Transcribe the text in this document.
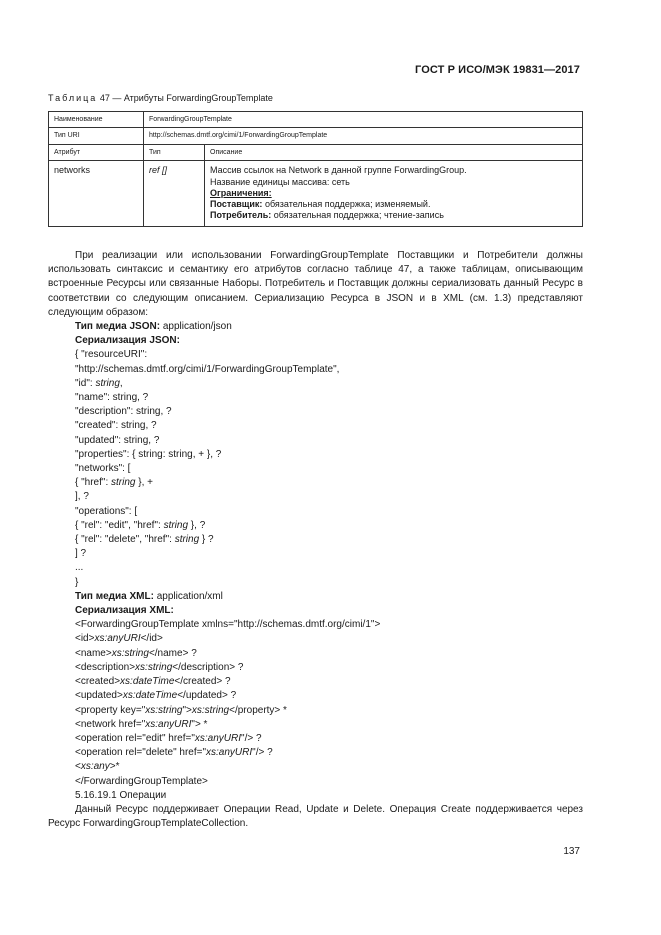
ГОСТ Р ИСО/МЭК 19831—2017
Таблица 47 — Атрибуты ForwardingGroupTemplate
Наименование	ForwardingGroupTemplate	
Тип URI	http://schemas.dmtf.org/cimi/1/ForwardingGroupTemplate	
Атрибут	Тип	Описание
networks	ref []	Массив ссылок на Network в данной группе ForwardingGroup.
Название единицы массива: сеть
Ограничения:
Поставщик: обязательная поддержка; изменяемый.
Потребитель: обязательная поддержка; чтение-запись
При реализации или использовании ForwardingGroupTemplate Поставщики и Потребители должны использовать синтаксис и семантику его атрибутов согласно таблице 47, а также таблицам, описывающим встроенные Ресурсы или связанные Наборы. Потребитель и Поставщик должны сериализовать данный Ресурс в соответствии со следующим описанием. Сериализацию Ресурса в JSON и в XML (см. 1.3) представляют следующим образом:
Тип медиа JSON: application/json
Сериализация JSON:
{ "resourceURI":
"http://schemas.dmtf.org/cimi/1/ForwardingGroupTemplate",
"id": string,
"name": string, ?
"description": string, ?
"created": string, ?
"updated": string, ?
"properties": { string: string, + }, ?
"networks": [
{ "href": string }, +
], ?
"operations": [
{ "rel": "edit", "href": string }, ?
{ "rel": "delete", "href": string } ?
] ?
...
}
Тип медиа XML: application/xml
Сериализация XML:
<ForwardingGroupTemplate xmlns="http://schemas.dmtf.org/cimi/1">
<id>xs:anyURI</id>
<name>xs:string</name> ?
<description>xs:string</description> ?
<created>xs:dateTime</created> ?
<updated>xs:dateTime</updated> ?
<property key="xs:string">xs:string</property> *
<network href="xs:anyURI"> *
<operation rel="edit" href="xs:anyURI"/> ?
<operation rel="delete" href="xs:anyURI"/> ?
<xs:any>*
</ForwardingGroupTemplate>
5.16.19.1 Операции
Данный Ресурс поддерживает Операции Read, Update и Delete. Операция Create поддерживается через Ресурс ForwardingGroupTemplateCollection.
137
